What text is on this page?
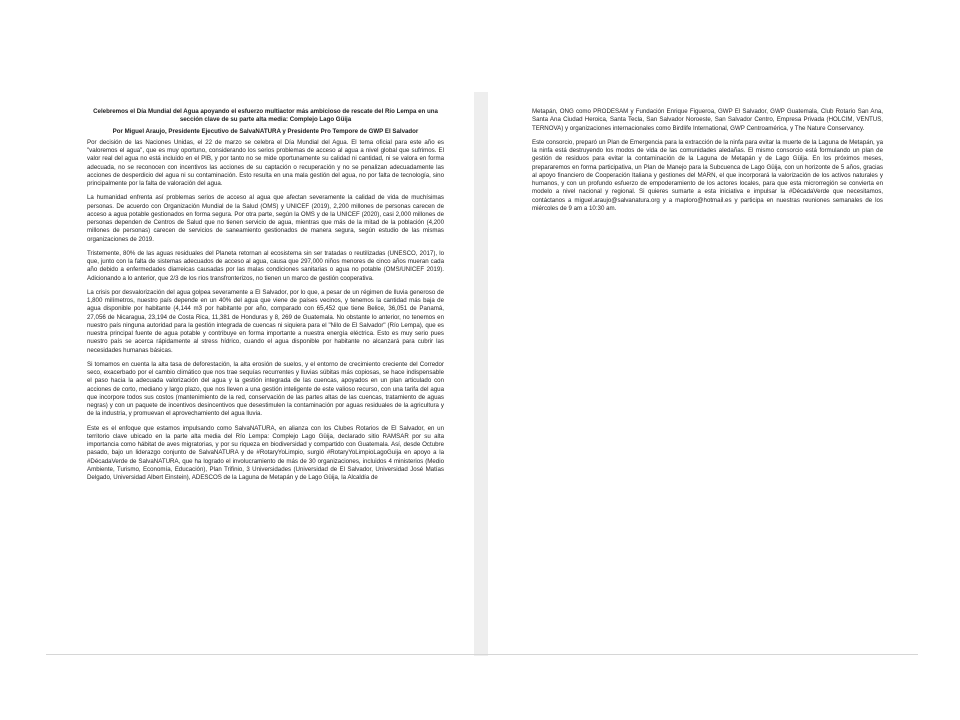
Celebremos el Día Mundial del Agua apoyando el esfuerzo multiactor más ambicioso de rescate del Río Lempa en una sección clave de su parte alta media: Complejo Lago Güija
Por Miguel Araujo, Presidente Ejecutivo de SalvaNATURA y Presidente Pro Tempore de GWP El Salvador

Por decisión de las Naciones Unidas, el 22 de marzo se celebra el Día Mundial del Agua. El tema oficial para este año es "valoremos el agua", que es muy oportuno, considerando los serios problemas de acceso al agua a nivel global que sufrimos. El valor real del agua no está incluido en el PIB, y por tanto no se mide oportunamente su calidad ni cantidad, ni se valora en forma adecuada, no se reconocen con incentivos las acciones de su captación o recuperación y no se penalizan adecuadamente las acciones de desperdicio del agua ni su contaminación. Esto resulta en una mala gestión del agua, no por falta de tecnología, sino principalmente por la falta de valoración del agua.

La humanidad enfrenta así problemas serios de acceso al agua que afectan severamente la calidad de vida de muchísimas personas. De acuerdo con Organización Mundial de la Salud (OMS) y UNICEF (2019), 2,200 millones de personas carecen de acceso a agua potable gestionados en forma segura. Por otra parte, según la OMS y de la UNICEF (2020), casi 2,000 millones de personas dependen de Centros de Salud que no tienen servicio de agua, mientras que más de la mitad de la población (4,200 millones de personas) carecen de servicios de saneamiento gestionados de manera segura, según estudio de las mismas organizaciones de 2019.

Tristemente, 80% de las aguas residuales del Planeta retornan al ecosistema sin ser tratadas o reutilizadas (UNESCO, 2017), lo que, junto con la falta de sistemas adecuados de acceso al agua, causa que 297,000 niños menores de cinco años mueran cada año debido a enfermedades diarreicas causadas por las malas condiciones sanitarias o agua no potable (OMS/UNICEF 2019). Adicionando a lo anterior, que 2/3 de los ríos transfronterizos, no tienen un marco de gestión cooperativa.

La crisis por desvalorización del agua golpea severamente a El Salvador, por lo que, a pesar de un régimen de lluvia generoso de 1,800 milímetros, nuestro país depende en un 40% del agua que viene de países vecinos, y tenemos la cantidad más baja de agua disponible por habitante (4,144 m3 por habitante por año, comparado con 65,452 que tiene Belice, 36,051 de Panamá, 27,056 de Nicaragua, 23,194 de Costa Rica, 11,381 de Honduras y 8, 269 de Guatemala. No obstante lo anterior, no tenemos en nuestro país ninguna autoridad para la gestión integrada de cuencas ni siquiera para el "Nilo de El Salvador" (Río Lempa), que es nuestra principal fuente de agua potable y contribuye en forma importante a nuestra energía eléctrica. Esto es muy serio pues nuestro país se acerca rápidamente al stress hídrico, cuando el agua disponible por habitante no alcanzará para cubrir las necesidades humanas básicas.

Si tomamos en cuenta la alta tasa de deforestación, la alta erosión de suelos, y el entorno de crecimiento creciente del Corredor seco, exacerbado por el cambio climático que nos trae sequías recurrentes y lluvias súbitas más copiosas, se hace indispensable el paso hacia la adecuada valorización del agua y la gestión integrada de las cuencas, apoyados en un plan articulado con acciones de corto, mediano y largo plazo, que nos lleven a una gestión inteligente de este valioso recurso, con una tarifa del agua que incorpore todos sus costos (mantenimiento de la red, conservación de las partes altas de las cuencas, tratamiento de aguas negras) y con un paquete de incentivos desincentivos que desestimulen la contaminación por aguas residuales de la agricultura y de la industria, y promuevan el aprovechamiento del agua lluvia.

Este es el enfoque que estamos impulsando como SalvaNATURA, en alianza con los Clubes Rotarios de El Salvador, en un territorio clave ubicado en la parte alta media del Río Lempa: Complejo Lago Güija, declarado sitio RAMSAR por su alta importancia como hábitat de aves migratorias, y por su riqueza en biodiversidad y compartido con Guatemala. Así, desde Octubre pasado, bajo un liderazgo conjunto de SalvaNATURA y de #RotaryYoLimpio, surgió #RotaryYoLimpioLagoGuija en apoyo a la #DécadaVerde de SalvaNATURA, que ha logrado el involucramiento de más de 30 organizaciones, incluidos 4 ministerios (Medio Ambiente, Turismo, Economía, Educación), Plan Trifinio, 3 Universidades (Universidad de El Salvador, Universidad José Matías Delgado, Universidad Albert Einstein), ADESCOS de la Laguna de Metapán y de Lago Güija, la Alcaldía de

Metapán, ONG como PRODESAM y Fundación Enrique Figueroa, GWP El Salvador, GWP Guatemala, Club Rotario San Ana, Santa Ana Ciudad Heroica, Santa Tecla, San Salvador Noroeste, San Salvador Centro, Empresa Privada (HOLCIM, VENTUS, TERNOVA) y organizaciones internacionales como Birdlife International, GWP Centroamérica, y The Nature Conservancy.

Este consorcio, preparó un Plan de Emergencia para la extracción de la ninfa para evitar la muerte de la Laguna de Metapán, ya la ninfa está destruyendo los modos de vida de las comunidades aledañas. El mismo consorcio está formulando un plan de gestión de residuos para evitar la contaminación de la Laguna de Metapán y de Lago Güija. En los próximos meses, prepararemos en forma participativa, un Plan de Manejo para la Subcuenca de Lago Güija, con un horizonte de 5 años, gracias al apoyo financiero de Cooperación Italiana y gestiones del MARN, el que incorporará la valorización de los activos naturales y humanos, y con un profundo esfuerzo de empoderamiento de los actores locales, para que esta microrregión se convierta en modelo a nivel nacional y regional. Si quieres sumarte a esta iniciativa e impulsar la #DécadaVerde que necesitamos, contáctanos a miguel.araujo@salvanatura.org y a maploro@hotmail.es y participa en nuestras reuniones semanales de los miércoles de 9 am a 10:30 am.
